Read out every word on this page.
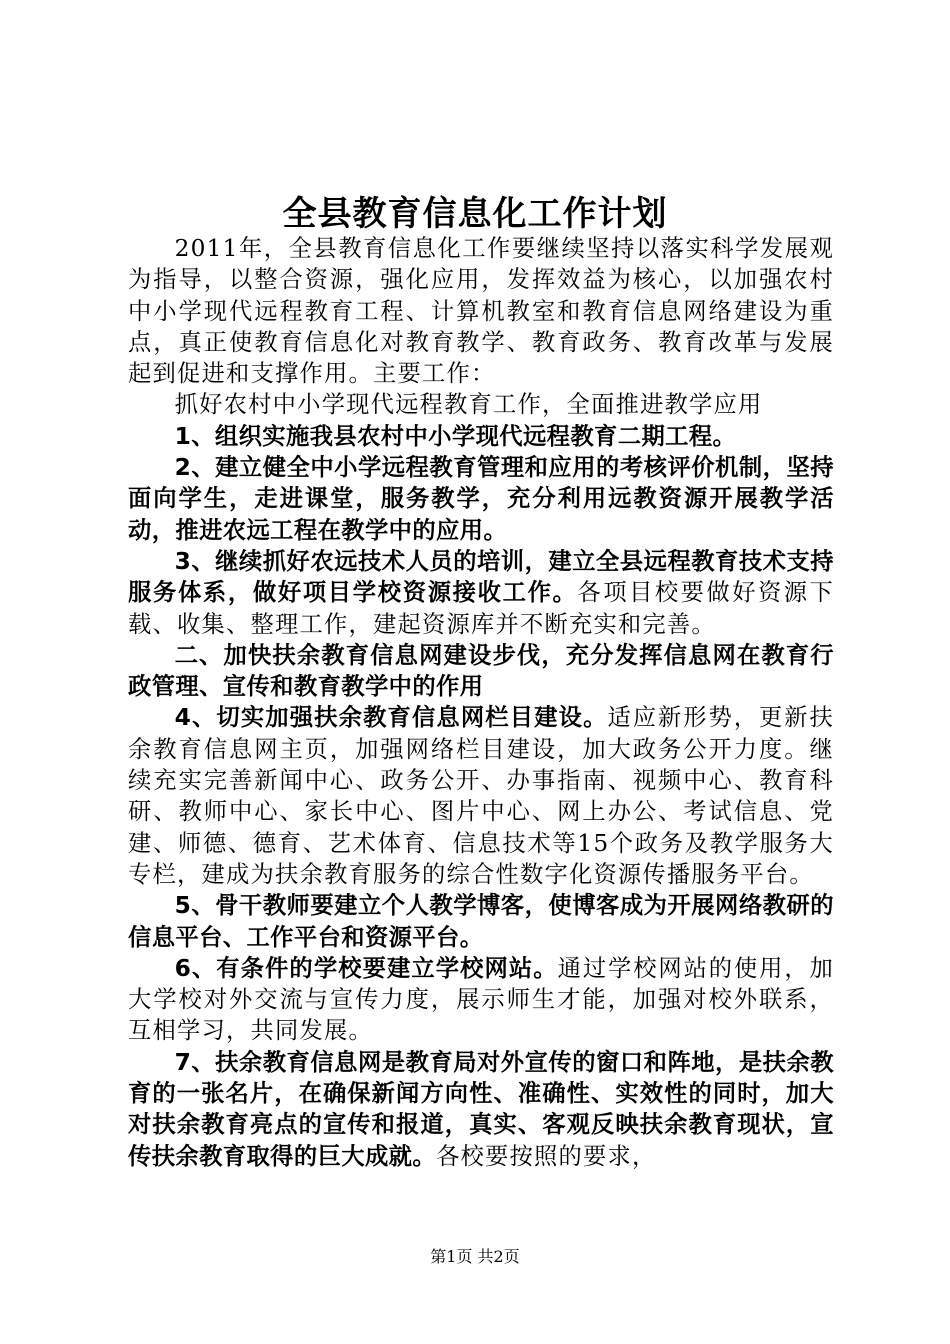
全县教育信息化工作计划

2011年，全县教育信息化工作要继续坚持以落实科学发展观为指导，以整合资源，强化应用，发挥效益为核心，以加强农村中小学现代远程教育工程、计算机教室和教育信息网络建设为重点，真正使教育信息化对教育教学、教育政务、教育改革与发展起到促进和支撑作用。主要工作：

抓好农村中小学现代远程教育工作，全面推进教学应用

1、组织实施我县农村中小学现代远程教育二期工程。

2、建立健全中小学远程教育管理和应用的考核评价机制，坚持面向学生，走进课堂，服务教学，充分利用远教资源开展教学活动，推进农远工程在教学中的应用。

3、继续抓好农远技术人员的培训，建立全县远程教育技术支持服务体系，做好项目学校资源接收工作。各项目校要做好资源下载、收集、整理工作，建起资源库并不断充实和完善。

二、加快扶余教育信息网建设步伐，充分发挥信息网在教育行政管理、宣传和教育教学中的作用

4、切实加强扶余教育信息网栏目建设。适应新形势，更新扶余教育信息网主页，加强网络栏目建设，加大政务公开力度。继续充实完善新闻中心、政务公开、办事指南、视频中心、教育科研、教师中心、家长中心、图片中心、网上办公、考试信息、党建、师德、德育、艺术体育、信息技术等15个政务及教学服务大专栏，建成为扶余教育服务的综合性数字化资源传播服务平台。

5、骨干教师要建立个人教学博客，使博客成为开展网络教研的信息平台、工作平台和资源平台。

6、有条件的学校要建立学校网站。通过学校网站的使用，加大学校对外交流与宣传力度，展示师生才能，加强对校外联系，互相学习，共同发展。

7、扶余教育信息网是教育局对外宣传的窗口和阵地，是扶余教育的一张名片，在确保新闻方向性、准确性、实效性的同时，加大对扶余教育亮点的宣传和报道，真实、客观反映扶余教育现状，宣传扶余教育取得的巨大成就。各校要按照的要求，

第1页 共2页
